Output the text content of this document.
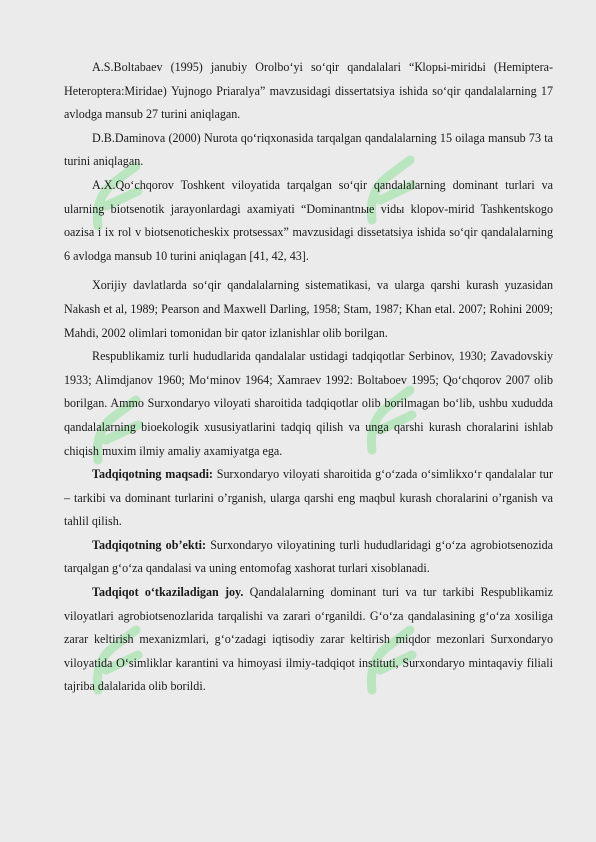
A.S.Boltabaev (1995) janubiy Orolbo‘yi so‘qir qandalalari “Кlорьі-miridьі (Hemiptera-Heteroptera:Miridae) Yujnogo Priaralya” mavzusidagi dissertatsiya ishida so‘qir qandalalarning 17 avlodga mansub 27 turini aniqlagan.

D.B.Daminova (2000) Nurota qo‘riqxonasida tarqalgan qandalalarning 15 oilaga mansub 73 ta turini aniqlagan.

A.X.Qo‘chqorov Toshkent viloyatida tarqalgan so‘qir qandalalarning dominant turlari va ularning biotsenotik jarayonlardagi axamiyati “Dominantnыe vidы klopov-mirid Tashkentskogo oazisa i ix rol v biotsenoticheskix protsessax” mavzusidagi dissetatsiya ishida so‘qir qandalalarning 6 avlodga mansub 10 turini aniqlagan [41, 42, 43].

Xorijiy davlatlarda so‘qir qandalalarning sistematikasi, va ularga qarshi kurash yuzasidan Nakash et al, 1989; Pearson and Maxwell Darling, 1958; Stam, 1987; Khan etal. 2007; Rohini 2009; Mahdi, 2002 olimlari tomonidan bir qator izlanishlar olib borilgan.

Respublikamiz turli hududlarida qandalalar ustidagi tadqiqotlar Serbinov, 1930; Zavadovskiy 1933; Alimdjanov 1960; Mo‘minov 1964; Xamraev 1992: Boltaboev 1995; Qo‘chqorov 2007 olib borilgan. Ammo Surxondaryo viloyati sharoitida tadqiqotlar olib borilmagan bo‘lib, ushbu xududda qandalalarning bioekologik xususiyatlarini tadqiq qilish va unga qarshi kurash choralarini ishlab chiqish muxim ilmiy amaliy axamiyatga ega.

Tadqiqotning maqsadi: Surxondaryo viloyati sharoitida g‘o‘zada o‘simlikxo‘r qandalalar tur – tarkibi va dominant turlarini o’rganish, ularga qarshi eng maqbul kurash choralarini o’rganish va tahlil qilish.

Tadqiqotning ob’ekti: Surxondaryo viloyatining turli hududlaridagi g‘o‘za agrobiotsenozida tarqalgan g‘o‘za qandalasi va uning entomofag xashorat turlari xisoblanadi.

Tadqiqot o‘tkaziladigan joy. Qandalalarning dominant turi va tur tarkibi Respublikamiz viloyatlari agrobiotsenozlarida tarqalishi va zarari o‘rganildi. G‘o‘za qandalasining g‘o‘za xosiliga zarar keltirish mexanizmlari, g‘o‘zadagi iqtisodiy zarar keltirish miqdor mezonlari Surxondaryo viloyatida O‘simliklar karantini va himoyasi ilmiy-tadqiqot instituti, Surxondaryo mintaqaviy filiali tajriba dalalarida olib borildi.
